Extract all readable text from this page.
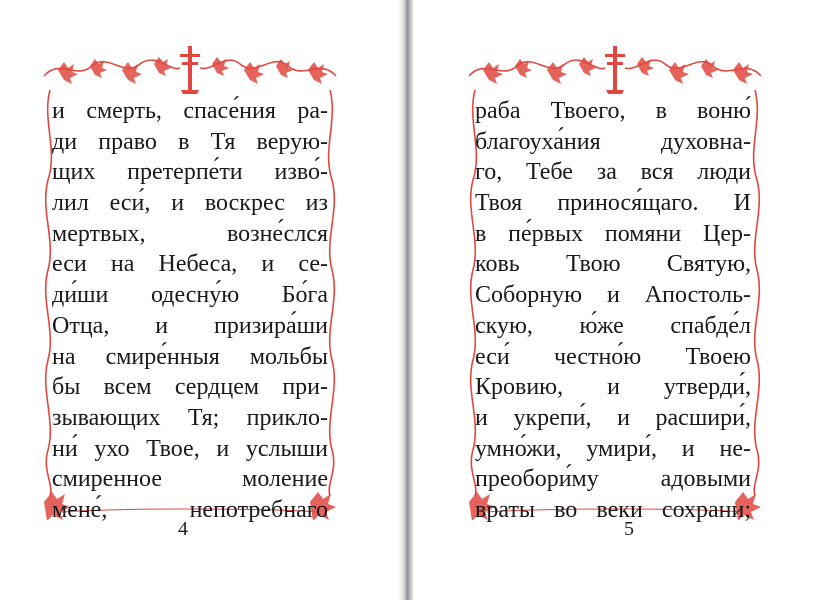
и смерть, спасе́ния ра-
ди право в Тя верую-
щих претерпе́ти изво́-
лил еси́, и воскрес из
мертвых, возне́слся
еси на Небеса, и се-
ди́ши одесну́ю Бо́га
Отца, и призира́ши
на смире́нныя мольбы
бы всем сердцем при-
зывающих Тя; прикло-
ни́ ухо Твое, и услыши
смиренное моление
мене́, непотребнаго
4
раба Твоего, в воню́
благоуха́ния духовна-
го, Тебе за вся люди
Твоя принося́щаго. И
в пе́рвых помяни Цер-
ковь Твою Святую,
Соборную и Апостоль-
скую, ю́же спабде́л
еси́ честно́ю Твоею
Кровию, и утверди́,
и укрепи́, и расшири́,
умно́жи, умири́, и не-
преобори́му адовыми
враты во веки сохрани;
5
